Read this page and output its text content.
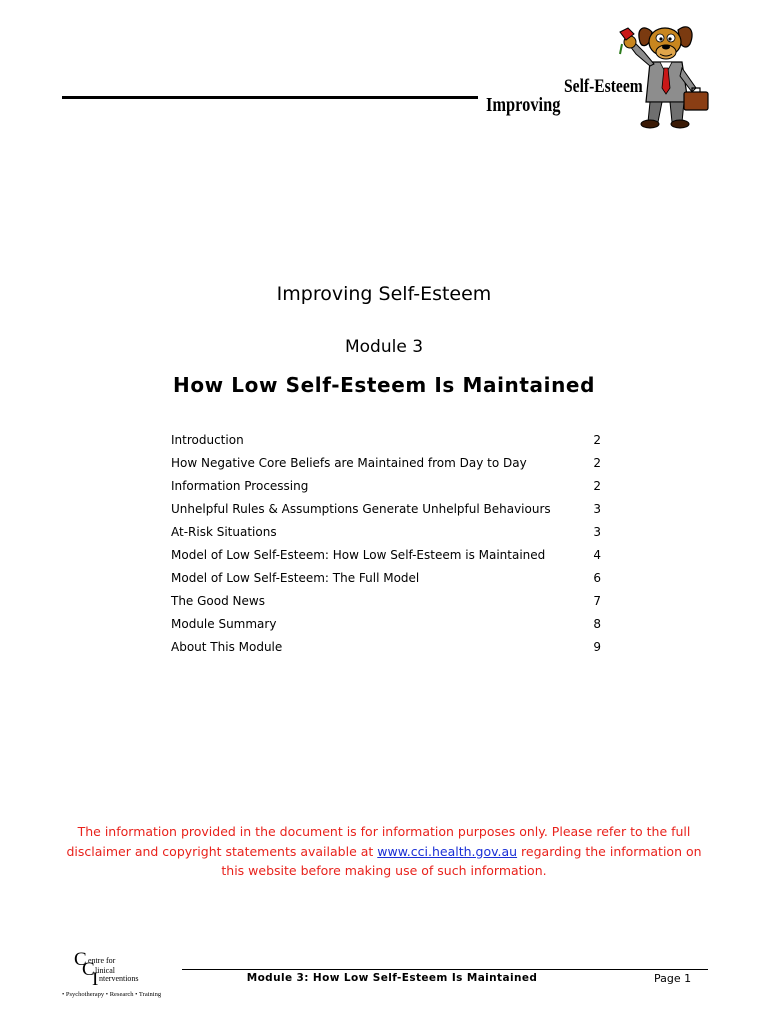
Self-Esteem
Improving
Improving Self-Esteem
Module 3
How Low Self-Esteem Is Maintained
Introduction	2
How Negative Core Beliefs are Maintained from Day to Day	2
Information Processing	2
Unhelpful Rules & Assumptions Generate Unhelpful Behaviours	3
At-Risk Situations	3
Model of Low Self-Esteem: How Low Self-Esteem is Maintained	4
Model of Low Self-Esteem: The Full Model	6
The Good News	7
Module Summary	8
About This Module	9
The information provided in the document is for information purposes only. Please refer to the full disclaimer and copyright statements available at www.cci.health.gov.au regarding the information on this website before making use of such information.
C entre for
C linical
I nterventions
• Psychotherapy • Research • Training
Module 3: How Low Self-Esteem Is Maintained	Page 1
